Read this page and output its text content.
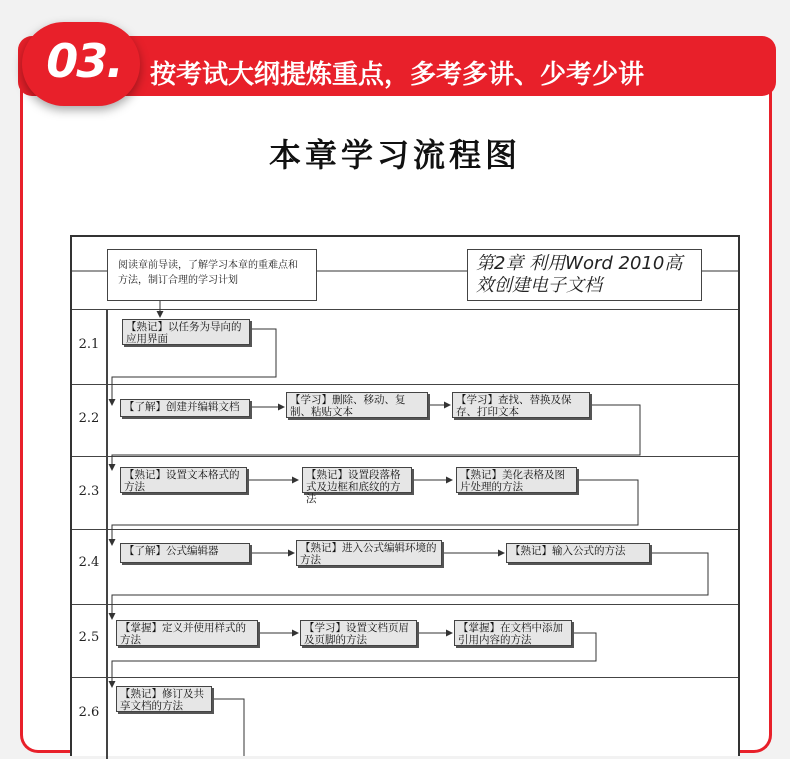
03.	按考试大纲提炼重点，多考多讲、少考少讲
本章学习流程图
阅读章前导读，了解学习本章的重难点和方法，制订合理的学习计划
第2章 利用Word 2010高效创建电子文档
2.1
2.2
2.3
2.4
2.5
2.6
【熟记】以任务为导向的应用界面
【了解】创建并编辑文档
【学习】删除、移动、复制、粘贴文本
【学习】查找、替换及保存、打印文本
【熟记】设置文本格式的方法
【熟记】设置段落格式及边框和底纹的方法
【熟记】美化表格及图片处理的方法
【了解】公式编辑器	【熟记】进入公式编辑环境的方法
【熟记】输入公式的方法
【掌握】定义并使用样式的方法
【学习】设置文档页眉及页脚的方法
【掌握】在文档中添加引用内容的方法
【熟记】修订及共享文档的方法
